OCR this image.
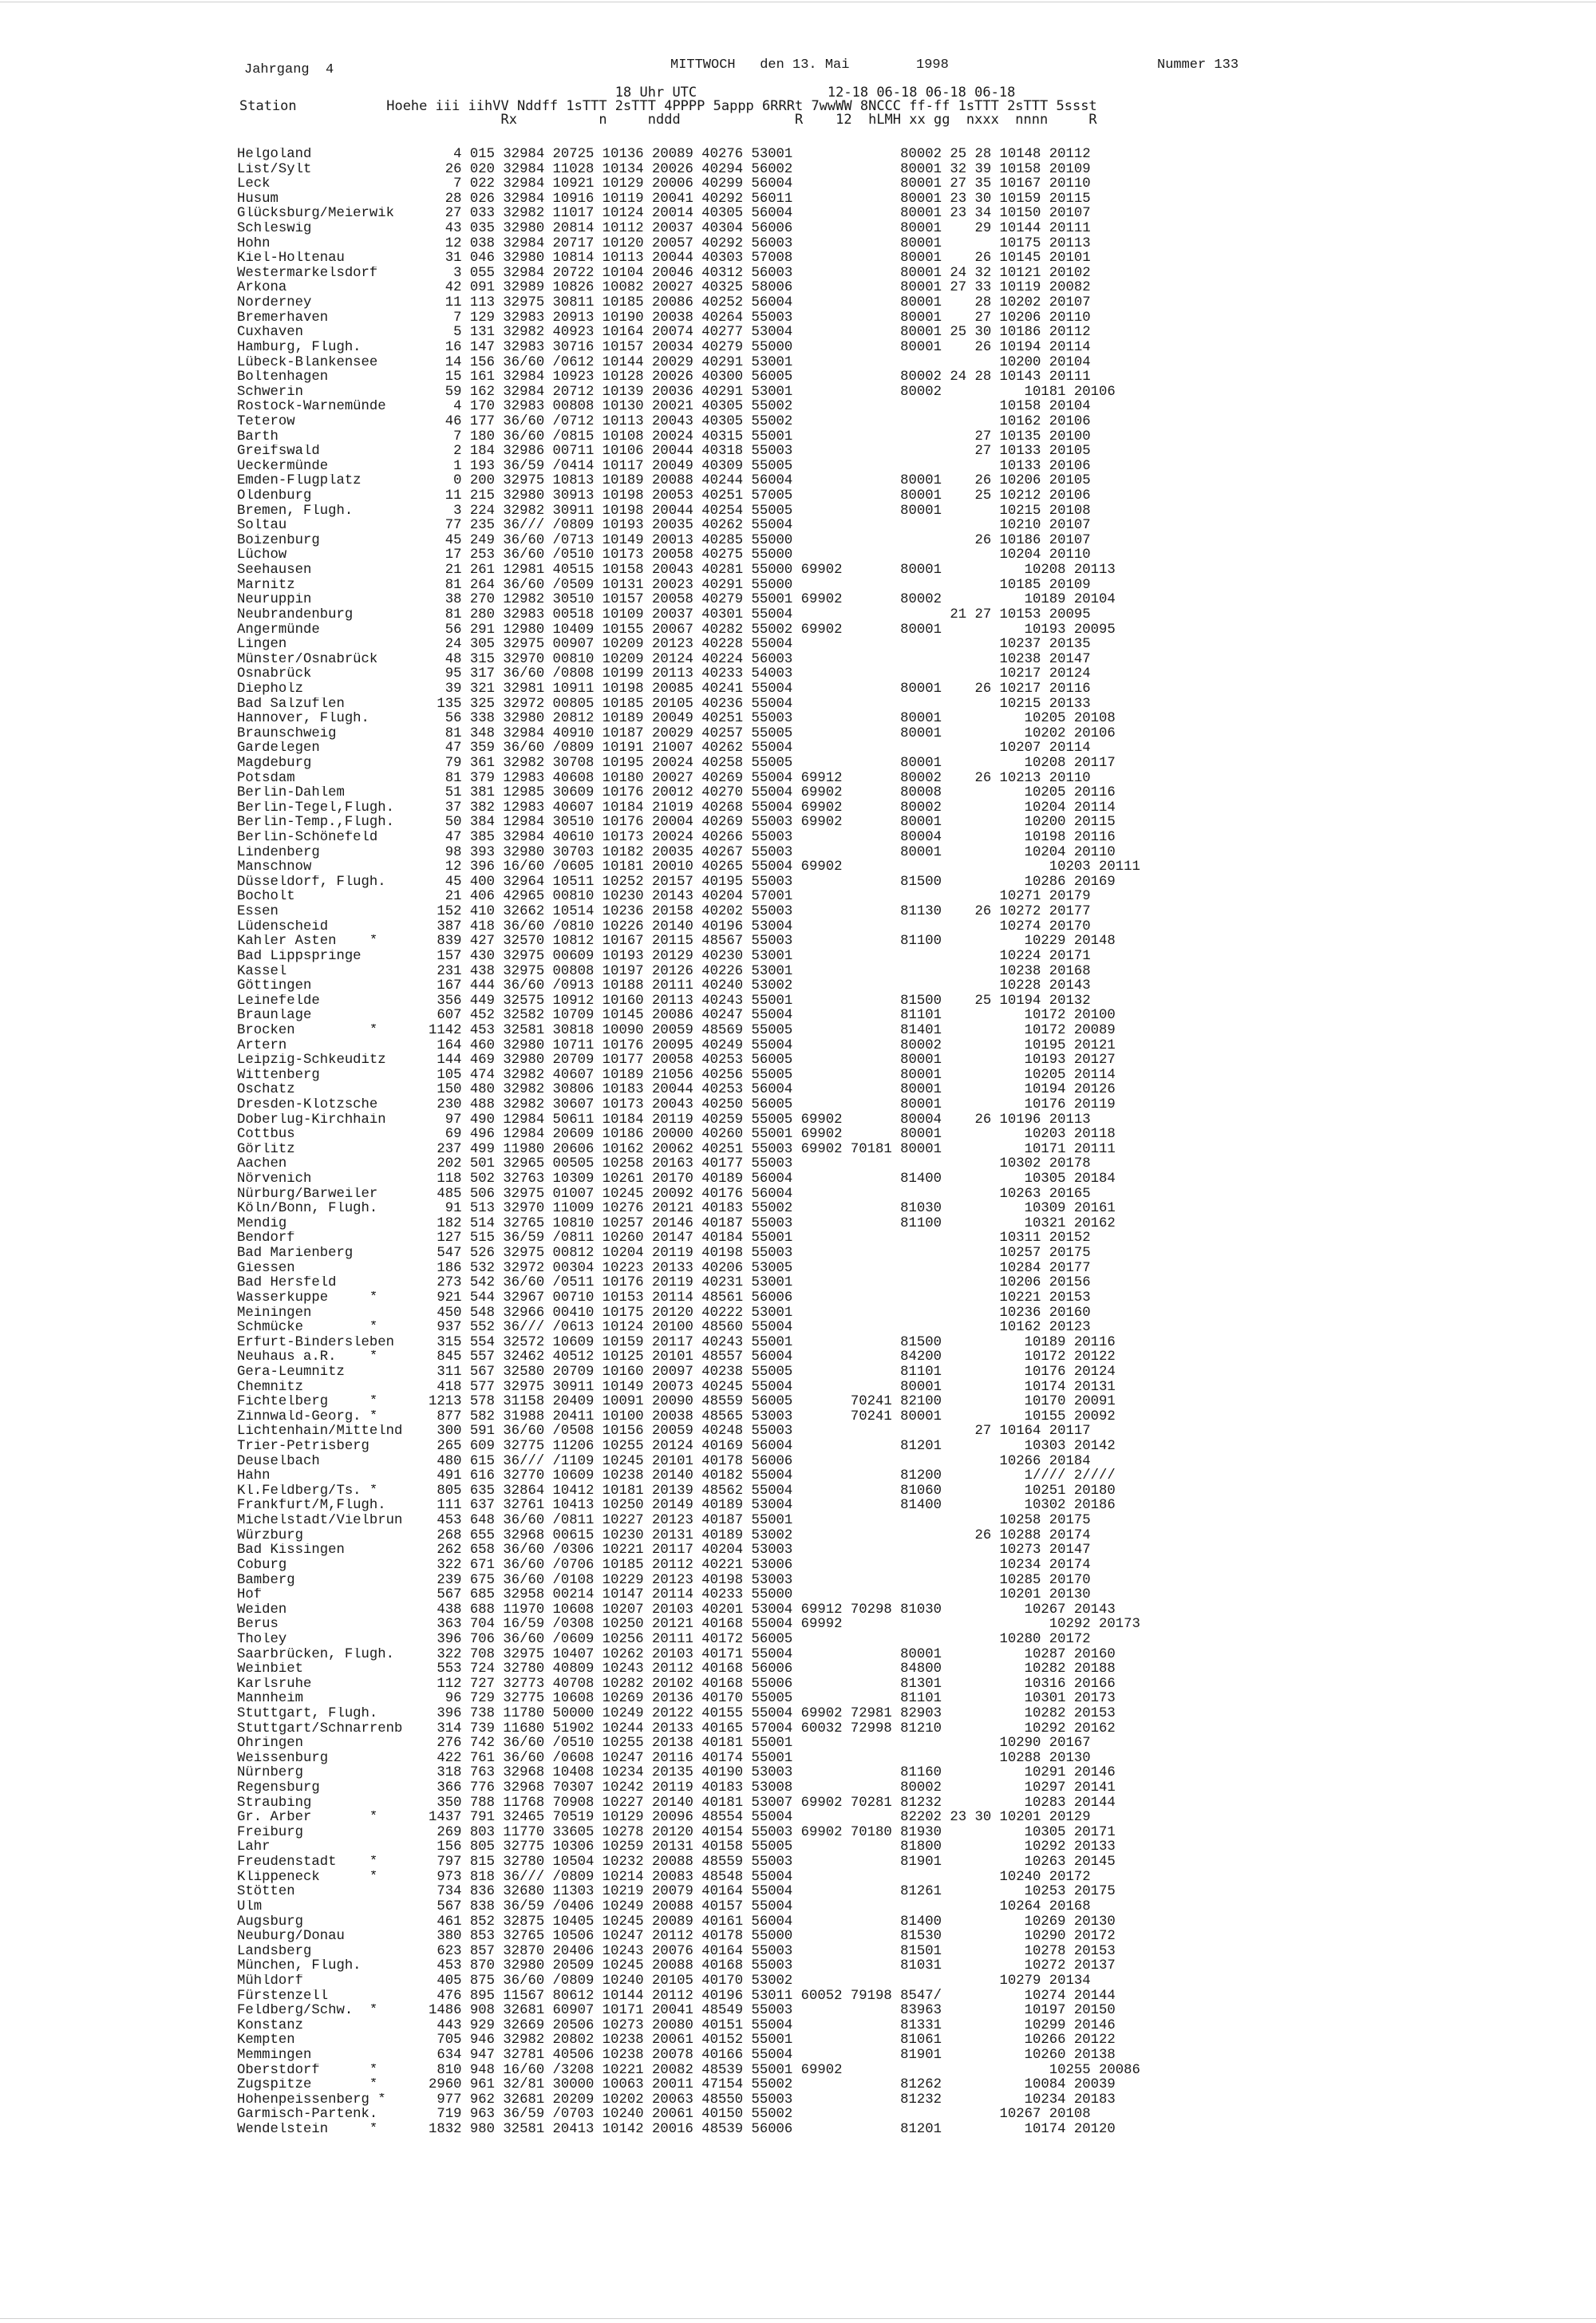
Jahrgang  4	MITTWOCH   den 13. Mai	1998	Nummer 133
18 Uhr UTC                12-18 06-18 06-18 06-18
Station           Hoehe iii iihVV Nddff 1sTTT 2sTTT 4PPPP 5appp 6RRRt 7wwWW 8NCCC ff-ff 1sTTT 2sTTT 5ssst
Rx          n     nddd              R    12  hLMH xx gg  nxxx  nnnn     R
Helgoland	4 015 32984 20725 10136 20089 40276 53001             80002 25 28 10148 20112
List/Sylt	26 020 32984 11028 10134 20026 40294 56002             80001 32 39 10158 20109
Leck	7 022 32984 10921 10129 20006 40299 56004             80001 27 35 10167 20110
Husum	28 026 32984 10916 10119 20041 40292 56011             80001 23 30 10159 20115
Glücksburg/Meierwik  27 033 32982 11017 10124 20014 40305 56004             80001 23 34 10150 20107
Schleswig	43 035 32980 20814 10112 20037 40304 56006             80001    29 10144 20111
Hohn	12 038 32984 20717 10120 20057 40292 56003             80001       10175 20113
Kiel-Holtenau	31 046 32980 10814 10113 20044 40303 57008             80001    26 10145 20101
Westermarkelsdorf	3 055 32984 20722 10104 20046 40312 56003             80001 24 32 10121 20102
Arkona	42 091 32989 10826 10082 20027 40325 58006             80001 27 33 10119 20082
Norderney	11 113 32975 30811 10185 20086 40252 56004             80001    28 10202 20107
Bremerhaven	7 129 32983 20913 10190 20038 40264 55003             80001    27 10206 20110
Cuxhaven	5 131 32982 40923 10164 20074 40277 53004             80001 25 30 10186 20112
Hamburg, Flugh.	16 147 32983 30716 10157 20034 40279 55000             80001    26 10194 20114
Lübeck-Blankensee	14 156 36/60 /0612 10144 20029 40291 53001                         10200 20104
Boltenhagen	15 161 32984 10923 10128 20026 40300 56005             80002 24 28 10143 20111
Schwerin	59 162 32984 20712 10139 20036 40291 53001             80002          10181 20106
Rostock-Warnemünde	4 170 32983 00808 10130 20021 40305 55002                         10158 20104
Teterow	46 177 36/60 /0712 10113 20043 40305 55002                         10162 20106
Barth	7 180 36/60 /0815 10108 20024 40315 55001                      27 10135 20100
Greifswald	2 184 32986 00711 10106 20044 40318 55003                      27 10133 20105
Ueckermünde	1 193 36/59 /0414 10117 20049 40309 55005                         10133 20106
Emden-Flugplatz	0 200 32975 10813 10189 20088 40244 56004             80001    26 10206 20105
Oldenburg	11 215 32980 30913 10198 20053 40251 57005             80001    25 10212 20106
Bremen, Flugh.	3 224 32982 30911 10198 20044 40254 55005             80001       10215 20108
Soltau	77 235 36/// /0809 10193 20035 40262 55004                         10210 20107
Boizenburg	45 249 36/60 /0713 10149 20013 40285 55000                      26 10186 20107
Lüchow	17 253 36/60 /0510 10173 20058 40275 55000                         10204 20110
Seehausen	21 261 12981 40515 10158 20043 40281 55000 69902       80001          10208 20113
Marnitz	81 264 36/60 /0509 10131 20023 40291 55000                         10185 20109
Neuruppin	38 270 12982 30510 10157 20058 40279 55001 69902       80002          10189 20104
Neubrandenburg	81 280 32983 00518 10109 20037 40301 55004                   21 27 10153 20095
Angermünde	56 291 12980 10409 10155 20067 40282 55002 69902       80001          10193 20095
Lingen	24 305 32975 00907 10209 20123 40228 55004                         10237 20135
Münster/Osnabrück	48 315 32970 00810 10209 20124 40224 56003                         10238 20147
Osnabrück	95 317 36/60 /0808 10199 20113 40233 54003                         10217 20124
Diepholz	39 321 32981 10911 10198 20085 40241 55004             80001    26 10217 20116
Bad Salzuflen	135 325 32972 00805 10185 20105 40236 55004                         10215 20133
Hannover, Flugh.	56 338 32980 20812 10189 20049 40251 55003             80001          10205 20108
Braunschweig	81 348 32984 40910 10187 20029 40257 55005             80001          10202 20106
Gardelegen	47 359 36/60 /0809 10191 21007 40262 55004                         10207 20114
Magdeburg	79 361 32982 30708 10195 20024 40258 55005             80001          10208 20117
Potsdam	81 379 12983 40608 10180 20027 40269 55004 69912       80002    26 10213 20110
Berlin-Dahlem	51 381 12985 30609 10176 20012 40270 55004 69902       80008          10205 20116
Berlin-Tegel,Flugh.  37 382 12983 40607 10184 21019 40268 55004 69902       80002          10204 20114
Berlin-Temp.,Flugh.  50 384 12984 30510 10176 20004 40269 55003 69902       80001          10200 20115
Berlin-Schönefeld	47 385 32984 40610 10173 20024 40266 55003             80004          10198 20116
Lindenberg	98 393 32980 30703 10182 20035 40267 55003             80001          10204 20110
Manschnow	12 396 16/60 /0605 10181 20010 40265 55004 69902                         10203 20111
Düsseldorf, Flugh.	45 400 32964 10511 10252 20157 40195 55003             81500          10286 20169
Bocholt	21 406 42965 00810 10230 20143 40204 57001                         10271 20179
Essen	152 410 32662 10514 10236 20158 40202 55003             81130    26 10272 20177
Lüdenscheid	387 418 36/60 /0810 10226 20140 40196 53004                         10274 20170
Kahler Asten    *	839 427 32570 10812 10167 20115 48567 55003             81100          10229 20148
Bad Lippspringe	157 430 32975 00609 10193 20129 40230 53001                         10224 20171
Kassel	231 438 32975 00808 10197 20126 40226 53001                         10238 20168
Göttingen	167 444 36/60 /0913 10188 20111 40240 53002                         10228 20143
Leinefelde	356 449 32575 10912 10160 20113 40243 55001             81500    25 10194 20132
Braunlage	607 452 32582 10709 10145 20086 40247 55004             81101          10172 20100
Brocken         *	1142 453 32581 30818 10090 20059 48569 55005             81401          10172 20089
Artern	164 460 32980 10711 10176 20095 40249 55004             80002          10195 20121
Leipzig-Schkeuditz	144 469 32980 20709 10177 20058 40253 56005             80001          10193 20127
Wittenberg	105 474 32982 40607 10189 21056 40256 55005             80001          10205 20114
Oschatz	150 480 32982 30806 10183 20044 40253 56004             80001          10194 20126
Dresden-Klotzsche	230 488 32982 30607 10173 20043 40250 56005             80001          10176 20119
Doberlug-Kirchhain	97 490 12984 50611 10184 20119 40259 55005 69902       80004    26 10196 20113
Cottbus	69 496 12984 20609 10186 20000 40260 55001 69902       80001          10203 20118
Görlitz	237 499 11980 20606 10162 20062 40251 55003 69902 70181 80001          10171 20111
Aachen	202 501 32965 00505 10258 20163 40177 55003                         10302 20178
Nörvenich	118 502 32763 10309 10261 20170 40189 56004             81400          10305 20184
Nürburg/Barweiler	485 506 32975 01007 10245 20092 40176 56004                         10263 20165
Köln/Bonn, Flugh.	91 513 32970 11009 10276 20121 40183 55002             81030          10309 20161
Mendig	182 514 32765 10810 10257 20146 40187 55003             81100          10321 20162
Bendorf	127 515 36/59 /0811 10260 20147 40184 55001                         10311 20152
Bad Marienberg	547 526 32975 00812 10204 20119 40198 55003                         10257 20175
Giessen	186 532 32972 00304 10223 20133 40206 53005                         10284 20177
Bad Hersfeld	273 542 36/60 /0511 10176 20119 40231 53001                         10206 20156
Wasserkuppe     *	921 544 32967 00710 10153 20114 48561 56006                         10221 20153
Meiningen	450 548 32966 00410 10175 20120 40222 53001                         10236 20160
Schmücke        *	937 552 36/// /0613 10124 20100 48560 55004                         10162 20123
Erfurt-Bindersleben 315 554 32572 10609 10159 20117 40243 55001             81500          10189 20116
Neuhaus a.R.    *	845 557 32462 40512 10125 20101 48557 56004             84200          10172 20122
Gera-Leumnitz	311 567 32580 20709 10160 20097 40238 55005             81101          10176 20124
Chemnitz	418 577 32975 30911 10149 20073 40245 55004             80001          10174 20131
Fichtelberg     *	1213 578 31158 20409 10091 20090 48559 56005       70241 82100          10170 20091
Zinnwald-Georg. *	877 582 31988 20411 10100 20038 48565 53003       70241 80001          10155 20092
Lichtenhain/Mittelnd 300 591 36/60 /0508 10156 20059 40248 55003                      27 10164 20117
Trier-Petrisberg	265 609 32775 11206 10255 20124 40169 56004             81201          10303 20142
Deuselbach	480 615 36/// /1109 10245 20101 40178 56006                         10266 20184
Hahn	491 616 32770 10609 10238 20140 40182 55004             81200          1//// 2////
Kl.Feldberg/Ts. *	805 635 32864 10412 10181 20139 48562 55004             81060          10251 20180
Frankfurt/M,Flugh.	111 637 32761 10413 10250 20149 40189 53004             81400          10302 20186
Michelstadt/Vielbrun 453 648 36/60 /0811 10227 20123 40187 55001                         10258 20175
Würzburg	268 655 32968 00615 10230 20131 40189 53002                      26 10288 20174
Bad Kissingen	262 658 36/60 /0306 10221 20117 40204 53003                         10273 20147
Coburg	322 671 36/60 /0706 10185 20112 40221 53006                         10234 20174
Bamberg	239 675 36/60 /0108 10229 20123 40198 53003                         10285 20170
Hof	567 685 32958 00214 10147 20114 40233 55000                         10201 20130
Weiden	438 688 11970 10608 10207 20103 40201 53004 69912 70298 81030          10267 20143
Berus	363 704 16/59 /0308 10250 20121 40168 55004 69992                         10292 20173
Tholey	396 706 36/60 /0609 10256 20111 40172 56005                         10280 20172
Saarbrücken, Flugh. 322 708 32975 10407 10262 20103 40171 55004             80001          10287 20160
Weinbiet	553 724 32780 40809 10243 20112 40168 56006             84800          10282 20188
Karlsruhe	112 727 32773 40708 10282 20102 40168 55006             81301          10316 20166
Mannheim	96 729 32775 10608 10269 20136 40170 55005             81101          10301 20173
Stuttgart, Flugh.	396 738 11780 50000 10249 20122 40155 55004 69902 72981 82903          10282 20153
Stuttgart/Schnarrenb 314 739 11680 51902 10244 20133 40165 57004 60032 72998 81210          10292 20162
Öhringen	276 742 36/60 /0510 10255 20138 40181 55001                         10290 20167
Weissenburg	422 761 36/60 /0608 10247 20116 40174 55001                         10288 20130
Nürnberg	318 763 32968 10408 10234 20135 40190 53003             81160          10291 20146
Regensburg	366 776 32968 70307 10242 20119 40183 53008             80002          10297 20141
Straubing	350 788 11768 70908 10227 20140 40181 53007 69902 70281 81232          10283 20144
Gr. Arber       *	1437 791 32465 70519 10129 20096 48554 55004             82202 23 30 10201 20129
Freiburg	269 803 11770 33605 10278 20120 40154 55003 69902 70180 81930          10305 20171
Lahr	156 805 32775 10306 10259 20131 40158 55005             81800          10292 20133
Freudenstadt    *	797 815 32780 10504 10232 20088 48559 55003             81901          10263 20145
Klippeneck      *	973 818 36/// /0809 10214 20083 48548 55004                         10240 20172
Stötten	734 836 32680 11303 10219 20079 40164 55004             81261          10253 20175
Ulm	567 838 36/59 /0406 10249 20088 40157 55004                         10264 20168
Augsburg	461 852 32875 10405 10245 20089 40161 56004             81400          10269 20130
Neuburg/Donau	380 853 32765 10506 10247 20112 40178 55000             81530          10290 20172
Landsberg	623 857 32870 20406 10243 20076 40164 55003             81501          10278 20153
München, Flugh.	453 870 32980 20509 10245 20088 40168 55003             81031          10272 20137
Mühldorf	405 875 36/60 /0809 10240 20105 40170 53002                         10279 20134
Fürstenzell	476 895 11567 80612 10144 20112 40196 53011 60052 79198 8547/          10274 20144
Feldberg/Schw.  *	1486 908 32681 60907 10171 20041 48549 55003             83963          10197 20150
Konstanz	443 929 32669 20506 10273 20080 40151 55004             81331          10299 20146
Kempten	705 946 32982 20802 10238 20061 40152 55001             81061          10266 20122
Memmingen	634 947 32781 40506 10238 20078 40166 55004             81901          10260 20138
Oberstdorf      *	810 948 16/60 /3208 10221 20082 48539 55001 69902                         10255 20086
Zugspitze       *	2960 961 32/81 30000 10063 20011 47154 55002             81262          10084 20039
Hohenpeissenberg *	977 962 32681 20209 10202 20063 48550 55003             81232          10234 20183
Garmisch-Partenk.	719 963 36/59 /0703 10240 20061 40150 55002                         10267 20108
Wendelstein     *	1832 980 32581 20413 10142 20016 48539 56006             81201          10174 20120
